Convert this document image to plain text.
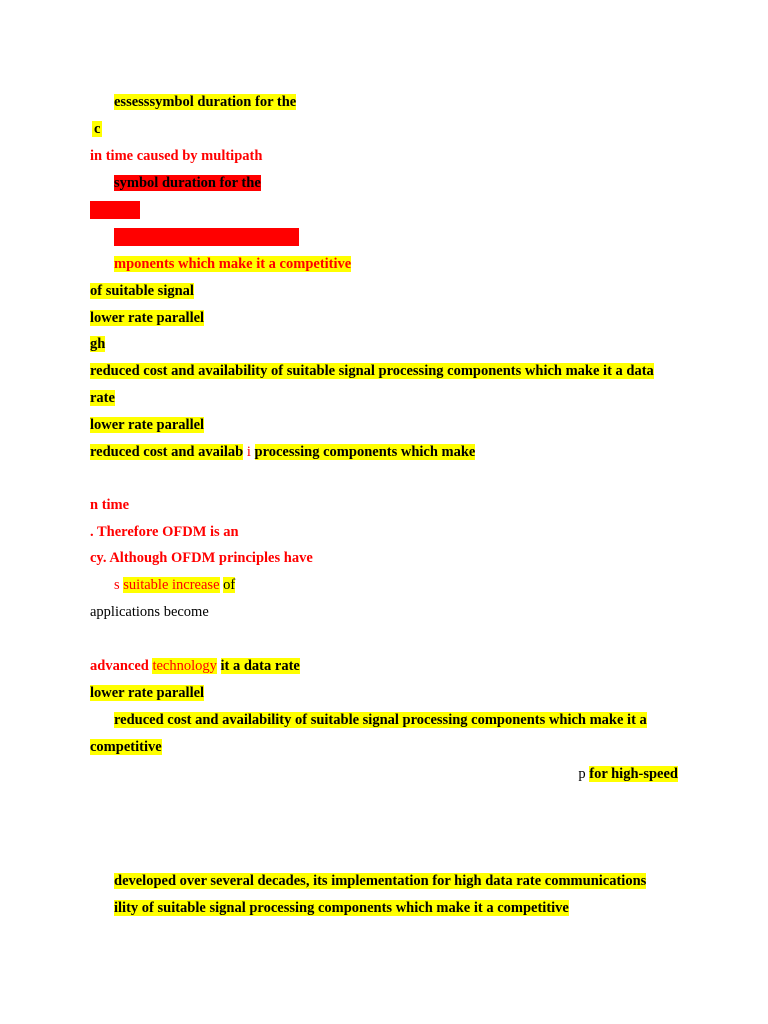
essesssymbol duration for the
c
in time caused by multipath
symbol duration for the
mponents which make it a competitive
of suitable signal
lower rate parallel
gh
reduced cost and availability of suitable signal processing components which make it a data
rate
lower rate parallel
reduced cost and availab i processing components which make
n time
. Therefore OFDM is an
cy. Although OFDM principles have
s suitable increase of
applications become
advanced technology it a data rate
lower rate parallel
reduced cost and availability of suitable signal processing components which make it a
competitive
p for high-speed
developed over several decades, its implementation for high data rate communications
ility of suitable signal processing components which make it a competitive
